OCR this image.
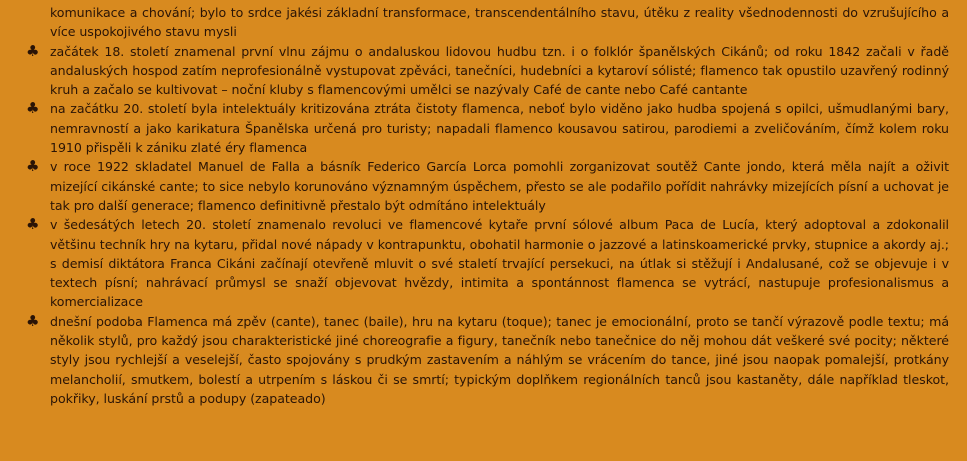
komunikace a chování; bylo to srdce jakési základní transformace, transcendentálního stavu, útěku z reality všednodennosti do vzrušujícího a více uspokojivého stavu mysli

♣ začátek 18. století znamenal první vlnu zájmu o andaluskou lidovou hudbu tzn. i o folklór španělských Cikánů; od roku 1842 začali v řadě andaluských hospod zatím neprofesionálně vystupovat zpěváci, tanečníci, hudebníci a kytaroví sólisté; flamenco tak opustilo uzavřený rodinný kruh a začalo se kultivovat – noční kluby s flamencovými umělci se nazývaly Café de cante nebo Café cantante

♣ na začátku 20. století byla intelektuály kritizována ztráta čistoty flamenca, neboť bylo viděno jako hudba spojená s opilci, ušmudlanými bary, nemravností a jako karikatura Španělska určená pro turisty; napadali flamenco kousavou satirou, parodiemi a zveličováním, čímž kolem roku 1910 přispěli k zániku zlaté éry flamenca

♣ v roce 1922 skladatel Manuel de Falla a básník Federico García Lorca pomohli zorganizovat soutěž Cante jondo, která měla najít a oživit mizející cikánské cante; to sice nebylo korunováno významným úspěchem, přesto se ale podařilo pořídit nahrávky mizejících písní a uchovat je tak pro další generace; flamenco definitivně přestalo být odmítáno intelektuály

♣ v šedesátých letech 20. století znamenalo revoluci ve flamencové kytaře první sólové album Paca de Lucía, který adoptoval a zdokonalil většinu techník hry na kytaru, přidal nové nápady v kontrapunktu, obohatil harmonie o jazzové a latinskoamerické prvky, stupnice a akordy aj.; s demisí diktátora Franca Cikáni začínají otevřeně mluvit o své staletí trvající persekuci, na útlak si stěžují i Andalusané, což se objevuje i v textech písní; nahrávací průmysl se snaží objevovat hvězdy, intimita a spontánnost flamenca se vytrácí, nastupuje profesionalismus a komercializace

♣ dnešní podoba Flamenca má zpěv (cante), tanec (baile), hru na kytaru (toque); tanec je emocionální, proto se tančí výrazově podle textu; má několik stylů, pro každý jsou charakteristické jiné choreografie a figury, tanečník nebo tanečnice do něj mohou dát veškeré své pocity; některé styly jsou rychlejší a veselejší, často spojovány s prudkým zastavením a náhlým se vrácením do tance, jiné jsou naopak pomalejší, protkány melancholií, smutkem, bolestí a utrpením s láskou či se smrtí; typickým doplňkem regionálních tanců jsou kastaněty, dále například tleskot, pokřiky, luskání prstů a podupy (zapateado)
